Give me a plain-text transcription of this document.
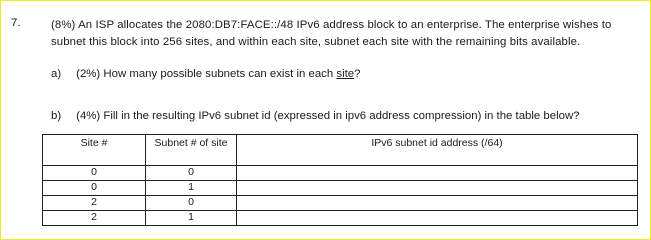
7.	(8%) An ISP allocates the 2080:DB7:FACE::/48 IPv6 address block to an enterprise. The enterprise wishes to subnet this block into 256 sites, and within each site, subnet each site with the remaining bits available.
a) (2%) How many possible subnets can exist in each site?
b) (4%) Fill in the resulting IPv6 subnet id (expressed in ipv6 address compression) in the table below?
Site #	Subnet # of site	IPv6 subnet id address (/64)
0	0	
0	1	
2	0	
2	1	
